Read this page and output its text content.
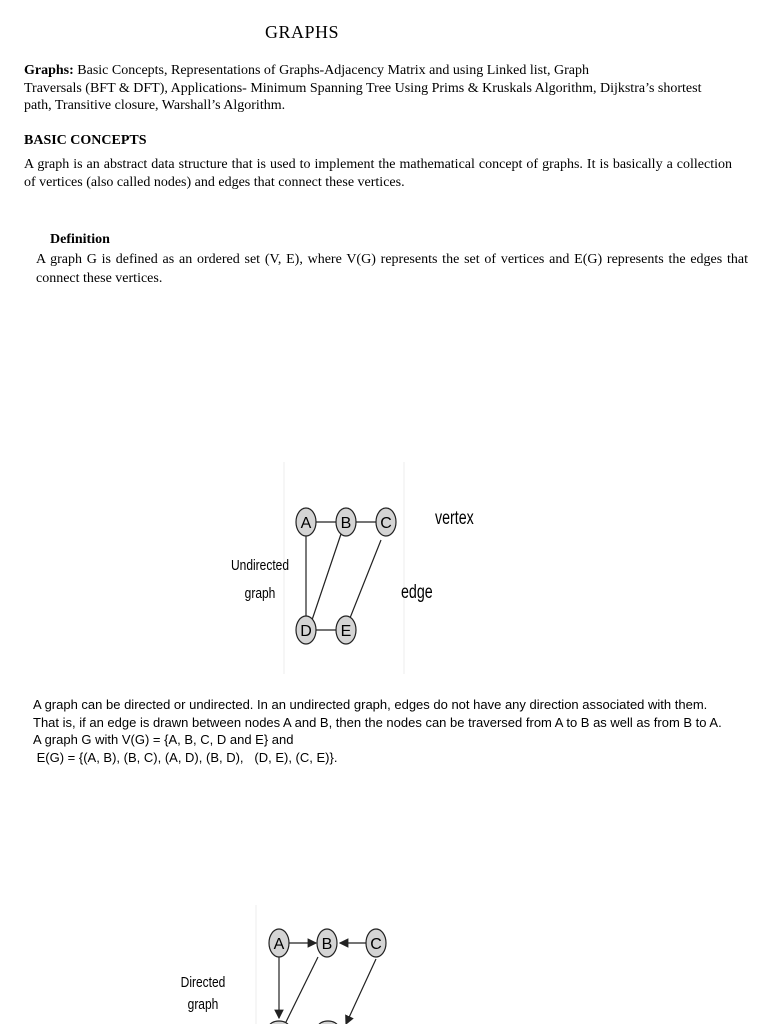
GRAPHS
Graphs: Basic Concepts, Representations of Graphs-Adjacency Matrix and using Linked list, Graph
Traversals (BFT & DFT), Applications- Minimum Spanning Tree Using Prims & Kruskals Algorithm, Dijkstra’s shortest
path, Transitive closure, Warshall’s Algorithm.
BASIC CONCEPTS
A graph is an abstract data structure that is used to implement the mathematical concept of graphs. It is basically a collection of vertices (also called nodes) and edges that connect these vertices.
Definition
A graph G is defined as an ordered set (V, E), where V(G) represents the set of vertices and E(G) represents the edges that connect these vertices.
A B C
D E
Undirected
graph
vertex
edge
A graph can be directed or undirected. In an undirected graph, edges do not have any direction associated with them.
That is, if an edge is drawn between nodes A and B, then the nodes can be traversed from A to B as well as from B to A.
A graph G with V(G) = {A, B, C, D and E} and
E(G) = {(A, B), (B, C), (A, D), (B, D),   (D, E), (C, E)}.
A B C
Directed
graph
